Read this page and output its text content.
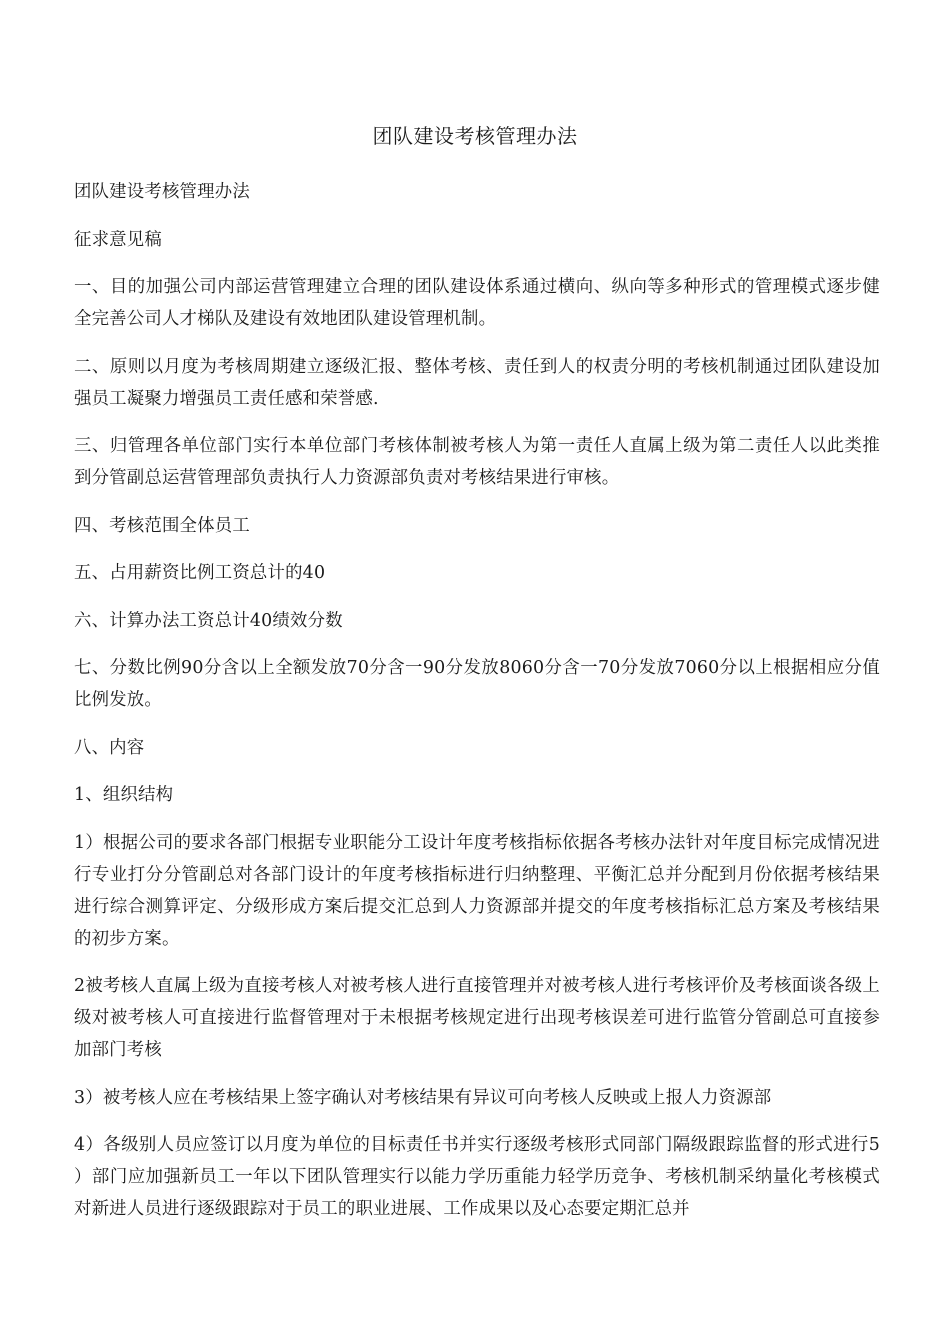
团队建设考核管理办法

团队建设考核管理办法

征求意见稿

一、目的加强公司内部运营管理建立合理的团队建设体系通过横向、纵向等多种形式的管理模式逐步健全完善公司人才梯队及建设有效地团队建设管理机制。

二、原则以月度为考核周期建立逐级汇报、整体考核、责任到人的权责分明的考核机制通过团队建设加强员工凝聚力增强员工责任感和荣誉感.

三、归管理各单位部门实行本单位部门考核体制被考核人为第一责任人直属上级为第二责任人以此类推到分管副总运营管理部负责执行人力资源部负责对考核结果进行审核。

四、考核范围全体员工

五、占用薪资比例工资总计的40

六、计算办法工资总计40绩效分数

七、分数比例90分含以上全额发放70分含一90分发放8060分含一70分发放7060分以上根据相应分值比例发放。

八、内容

1、组织结构

1）根据公司的要求各部门根据专业职能分工设计年度考核指标依据各考核办法针对年度目标完成情况进行专业打分分管副总对各部门设计的年度考核指标进行归纳整理、平衡汇总并分配到月份依据考核结果进行综合测算评定、分级形成方案后提交汇总到人力资源部并提交的年度考核指标汇总方案及考核结果的初步方案。

2被考核人直属上级为直接考核人对被考核人进行直接管理并对被考核人进行考核评价及考核面谈各级上级对被考核人可直接进行监督管理对于未根据考核规定进行出现考核误差可进行监管分管副总可直接参加部门考核

3）被考核人应在考核结果上签字确认对考核结果有异议可向考核人反映或上报人力资源部

4）各级别人员应签订以月度为单位的目标责任书并实行逐级考核形式同部门隔级跟踪监督的形式进行5 ）部门应加强新员工一年以下团队管理实行以能力学历重能力轻学历竞争、考核机制采纳量化考核模式对新进人员进行逐级跟踪对于员工的职业进展、工作成果以及心态要定期汇总并
